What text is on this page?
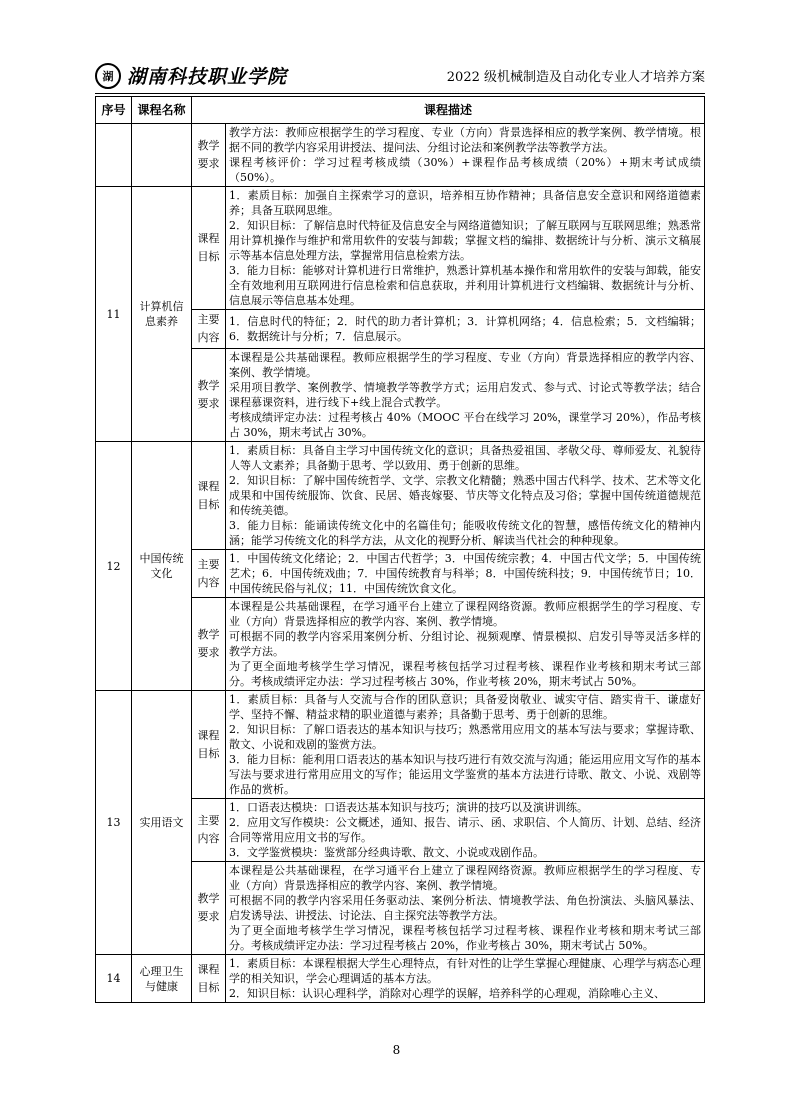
湖 湖南科技职业学院	2022 级机械制造及自动化专业人才培养方案
序号	课程名称	课程描述	
		教学要求	教学方法：教师应根据学生的学习程度、专业（方向）背景选择相应的教学案例、教学情境。根据不同的教学内容采用讲授法、提问法、分组讨论法和案例教学法等教学方法。
课程考核评价：学习过程考核成绩（30%）+课程作品考核成绩（20%）+期末考试成绩（50%）。

11	计算机信息素养	课程目标	1．素质目标：加强自主探索学习的意识，培养相互协作精神；具备信息安全意识和网络道德素养；具备互联网思维。
2．知识目标：了解信息时代特征及信息安全与网络道德知识；了解互联网与互联网思维；熟悉常用计算机操作与维护和常用软件的安装与卸载；掌握文档的编排、数据统计与分析、演示文稿展示等基本信息处理方法，掌握常用信息检索方法。
3．能力目标：能够对计算机进行日常维护，熟悉计算机基本操作和常用软件的安装与卸载，能安全有效地利用互联网进行信息检索和信息获取，并利用计算机进行文档编辑、数据统计与分析、信息展示等信息基本处理。

		主要内容	1．信息时代的特征；2．时代的助力者计算机；3．计算机网络；4．信息检索；5．文档编辑；6．数据统计与分析；7．信息展示。

		教学要求	本课程是公共基础课程。教师应根据学生的学习程度、专业（方向）背景选择相应的教学内容、案例、教学情境。
采用项目教学、案例教学、情境教学等教学方式；运用启发式、参与式、讨论式等教学法；结合课程慕课资料，进行线下+线上混合式教学。
考核成绩评定办法：过程考核占 40%（MOOC 平台在线学习 20%，课堂学习 20%），作品考核占 30%，期末考试占 30%。

12	中国传统文化	课程目标	1．素质目标：具备自主学习中国传统文化的意识；具备热爱祖国、孝敬父母、尊师爱友、礼貌待人等人文素养；具备勤于思考、学以致用、勇于创新的思维。
2．知识目标：了解中国传统哲学、文学、宗教文化精髓；熟悉中国古代科学、技术、艺术等文化成果和中国传统服饰、饮食、民居、婚丧嫁娶、节庆等文化特点及习俗；掌握中国传统道德规范和传统美德。
3．能力目标：能诵读传统文化中的名篇佳句；能吸收传统文化的智慧，感悟传统文化的精神内涵；能学习传统文化的科学方法，从文化的视野分析、解读当代社会的种种现象。

		主要内容	1．中国传统文化绪论；2．中国古代哲学；3．中国传统宗教；4．中国古代文学；5．中国传统艺术；6．中国传统戏曲；7．中国传统教育与科举；8．中国传统科技；9．中国传统节日；10．中国传统民俗与礼仪；11．中国传统饮食文化。

		教学要求	本课程是公共基础课程，在学习通平台上建立了课程网络资源。教师应根据学生的学习程度、专业（方向）背景选择相应的教学内容、案例、教学情境。
可根据不同的教学内容采用案例分析、分组讨论、视频观摩、情景模拟、启发引导等灵活多样的教学方法。
为了更全面地考核学生学习情况，课程考核包括学习过程考核、课程作业考核和期末考试三部分。考核成绩评定办法：学习过程考核占 30%，作业考核 20%，期末考试占 50%。

13	实用语文	课程目标	1．素质目标：具备与人交流与合作的团队意识；具备爱岗敬业、诚实守信、踏实肯干、谦虚好学、坚持不懈、精益求精的职业道德与素养；具备勤于思考、勇于创新的思维。
2．知识目标：了解口语表达的基本知识与技巧；熟悉常用应用文的基本写法与要求；掌握诗歌、散文、小说和戏剧的鉴赏方法。
3．能力目标：能利用口语表达的基本知识与技巧进行有效交流与沟通；能运用应用文写作的基本写法与要求进行常用应用文的写作；能运用文学鉴赏的基本方法进行诗歌、散文、小说、戏剧等作品的赏析。

		主要内容	1．口语表达模块：口语表达基本知识与技巧；演讲的技巧以及演讲训练。
2．应用文写作模块：公文概述，通知、报告、请示、函、求职信、个人简历、计划、总结、经济合同等常用应用文书的写作。
3．文学鉴赏模块：鉴赏部分经典诗歌、散文、小说或戏剧作品。

		教学要求	本课程是公共基础课程，在学习通平台上建立了课程网络资源。教师应根据学生的学习程度、专业（方向）背景选择相应的教学内容、案例、教学情境。
可根据不同的教学内容采用任务驱动法、案例分析法、情境教学法、角色扮演法、头脑风暴法、启发诱导法、讲授法、讨论法、自主探究法等教学方法。
为了更全面地考核学生学习情况，课程考核包括学习过程考核、课程作业考核和期末考试三部分。考核成绩评定办法：学习过程考核占 20%，作业考核占 30%，期末考试占 50%。

14	心理卫生与健康	课程目标	1．素质目标：本课程根据大学生心理特点，有针对性的让学生掌握心理健康、心理学与病态心理学的相关知识，学会心理调适的基本方法。
2．知识目标：认识心理科学，消除对心理学的误解，培养科学的心理观，消除唯心主义、
8
